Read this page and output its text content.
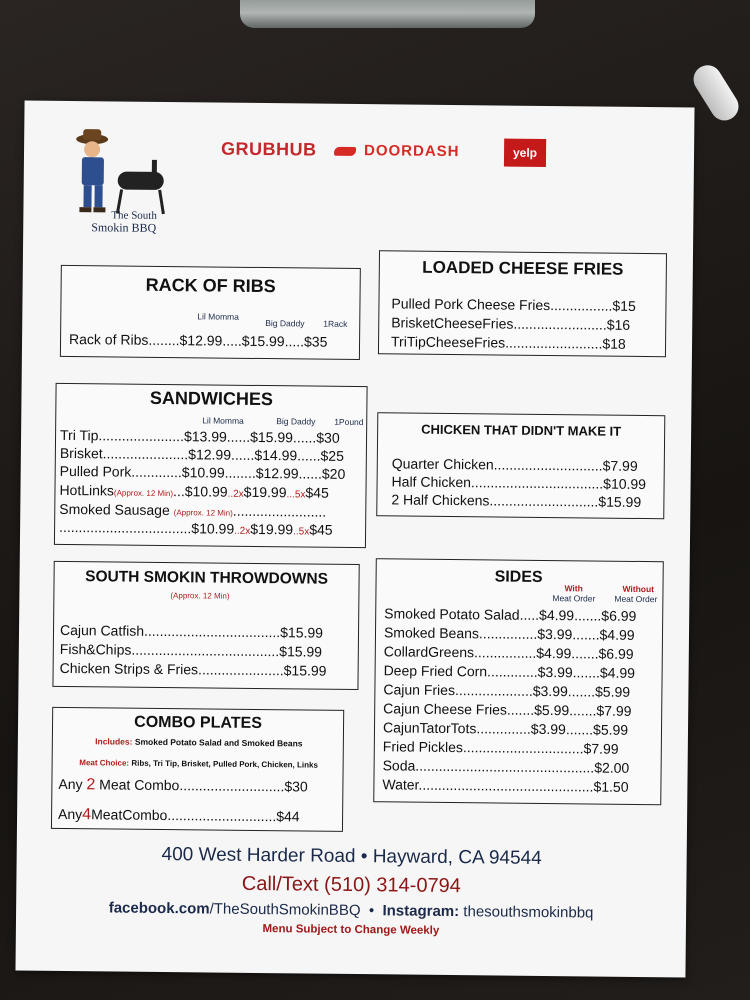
The South
Smokin BBQ
GRUBHUB	DOORDASH	yelp
RACK OF RIBS
Lil Momma
Big Daddy 1Rack
Rack of Ribs........$12.99.....$15.99.....$35
SANDWICHES
Lil Momma	Big Daddy 1Pound
Tri Tip......................$13.99......$15.99......$30
Brisket......................$12.99......$14.99......$25
Pulled Pork.............$10.99........$12.99......$20
HotLinks(Approx. 12 Min)...$10.99..2x$19.99...5x$45
Smoked Sausage (Approx. 12 Min)........................
..................................$10.99..2x$19.99..5x$45
SOUTH SMOKIN THROWDOWNS
(Approx. 12 Min)
Cajun Catfish...................................$15.99
Fish&Chips......................................$15.99
Chicken Strips & Fries......................$15.99
COMBO PLATES
Includes: Smoked Potato Salad and Smoked Beans
Meat Choice: Ribs, Tri Tip, Brisket, Pulled Pork, Chicken, Links
Any 2 Meat Combo...........................$30
Any4MeatCombo............................$44
LOADED CHEESE FRIES
Pulled Pork Cheese Fries................$15
BrisketCheeseFries........................$16
TriTipCheeseFries.........................$18
CHICKEN THAT DIDN'T MAKE IT
Quarter Chicken............................$7.99
Half Chicken..................................$10.99
2 Half Chickens............................$15.99
SIDES
With
Meat Order
Without
Meat Order
Smoked Potato Salad.....$4.99.......$6.99
Smoked Beans...............$3.99.......$4.99
CollardGreens................$4.99.......$6.99
Deep Fried Corn.............$3.99.......$4.99
Cajun Fries....................$3.99.......$5.99
Cajun Cheese Fries.......$5.99.......$7.99
CajunTatorTots..............$3.99.......$5.99
Fried Pickles...............................$7.99
Soda..............................................$2.00
Water.............................................$1.50
400 West Harder Road • Hayward, CA 94544
Call/Text (510) 314-0794
facebook.com/TheSouthSmokinBBQ • Instagram: thesouthsmokinbbq
Menu Subject to Change Weekly
